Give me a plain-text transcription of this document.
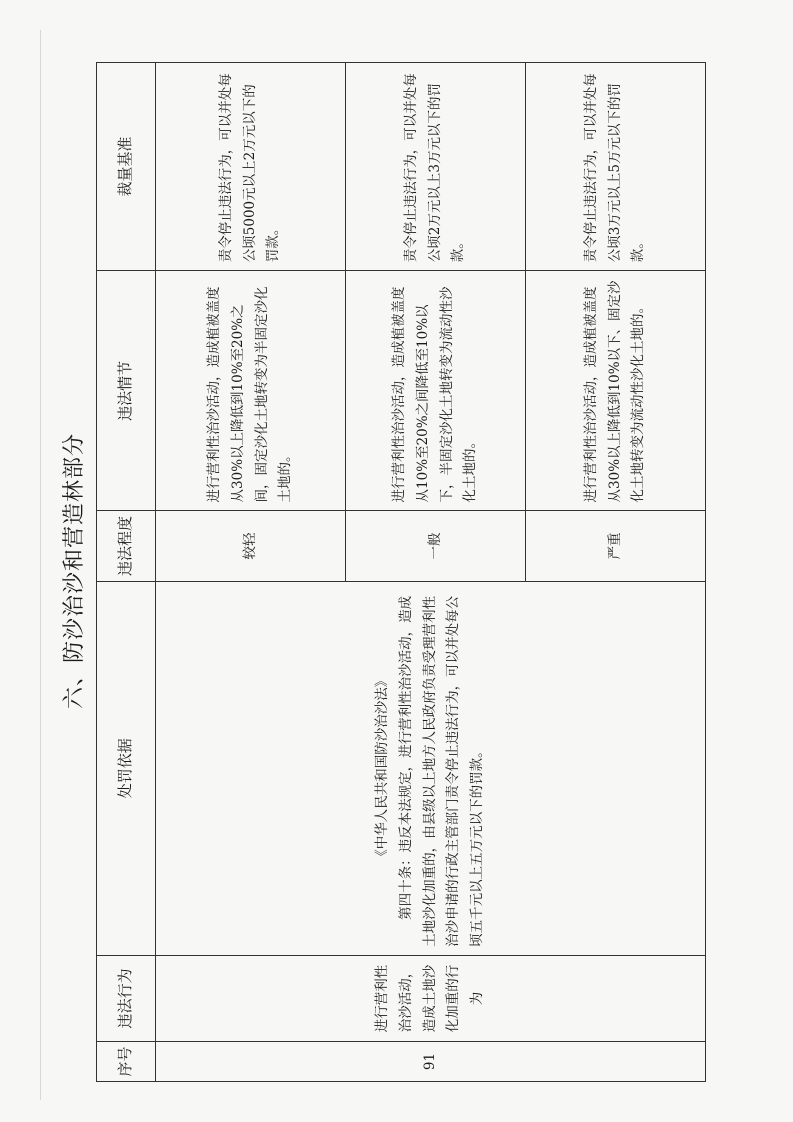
六、防沙治沙和营造林部分
序号	违法行为	处罚依据	违法程度	违法情节	裁量基准
91	进行营利性治沙活动，造成土地沙化加重的行为	《中华人民共和国防沙治沙法》 第四十条：违反本法规定，进行营利性治沙活动，造成土地沙化加重的，由县级以上地方人民政府负责受理营利性治沙申请的行政主管部门责令停止违法行为，可以并处每公顷五千元以上五万元以下的罚款。	较轻	进行营利性治沙活动，造成植被盖度从30%以上降低到10%至20%之间，固定沙化土地转变为半固定沙化土地的。	责令停止违法行为，可以并处每公顷5000元以上2万元以下的罚款。
			一般	进行营利性治沙活动，造成植被盖度从10%至20%之间降低至10%以下，半固定沙化土地转变为流动性沙化土地的。	责令停止违法行为，可以并处每公顷2万元以上3万元以下的罚款。
			严重	进行营利性治沙活动，造成植被盖度从30%以上降低到10%以下、固定沙化土地转变为流动性沙化土地的。	责令停止违法行为，可以并处每公顷3万元以上5万元以下的罚款。
